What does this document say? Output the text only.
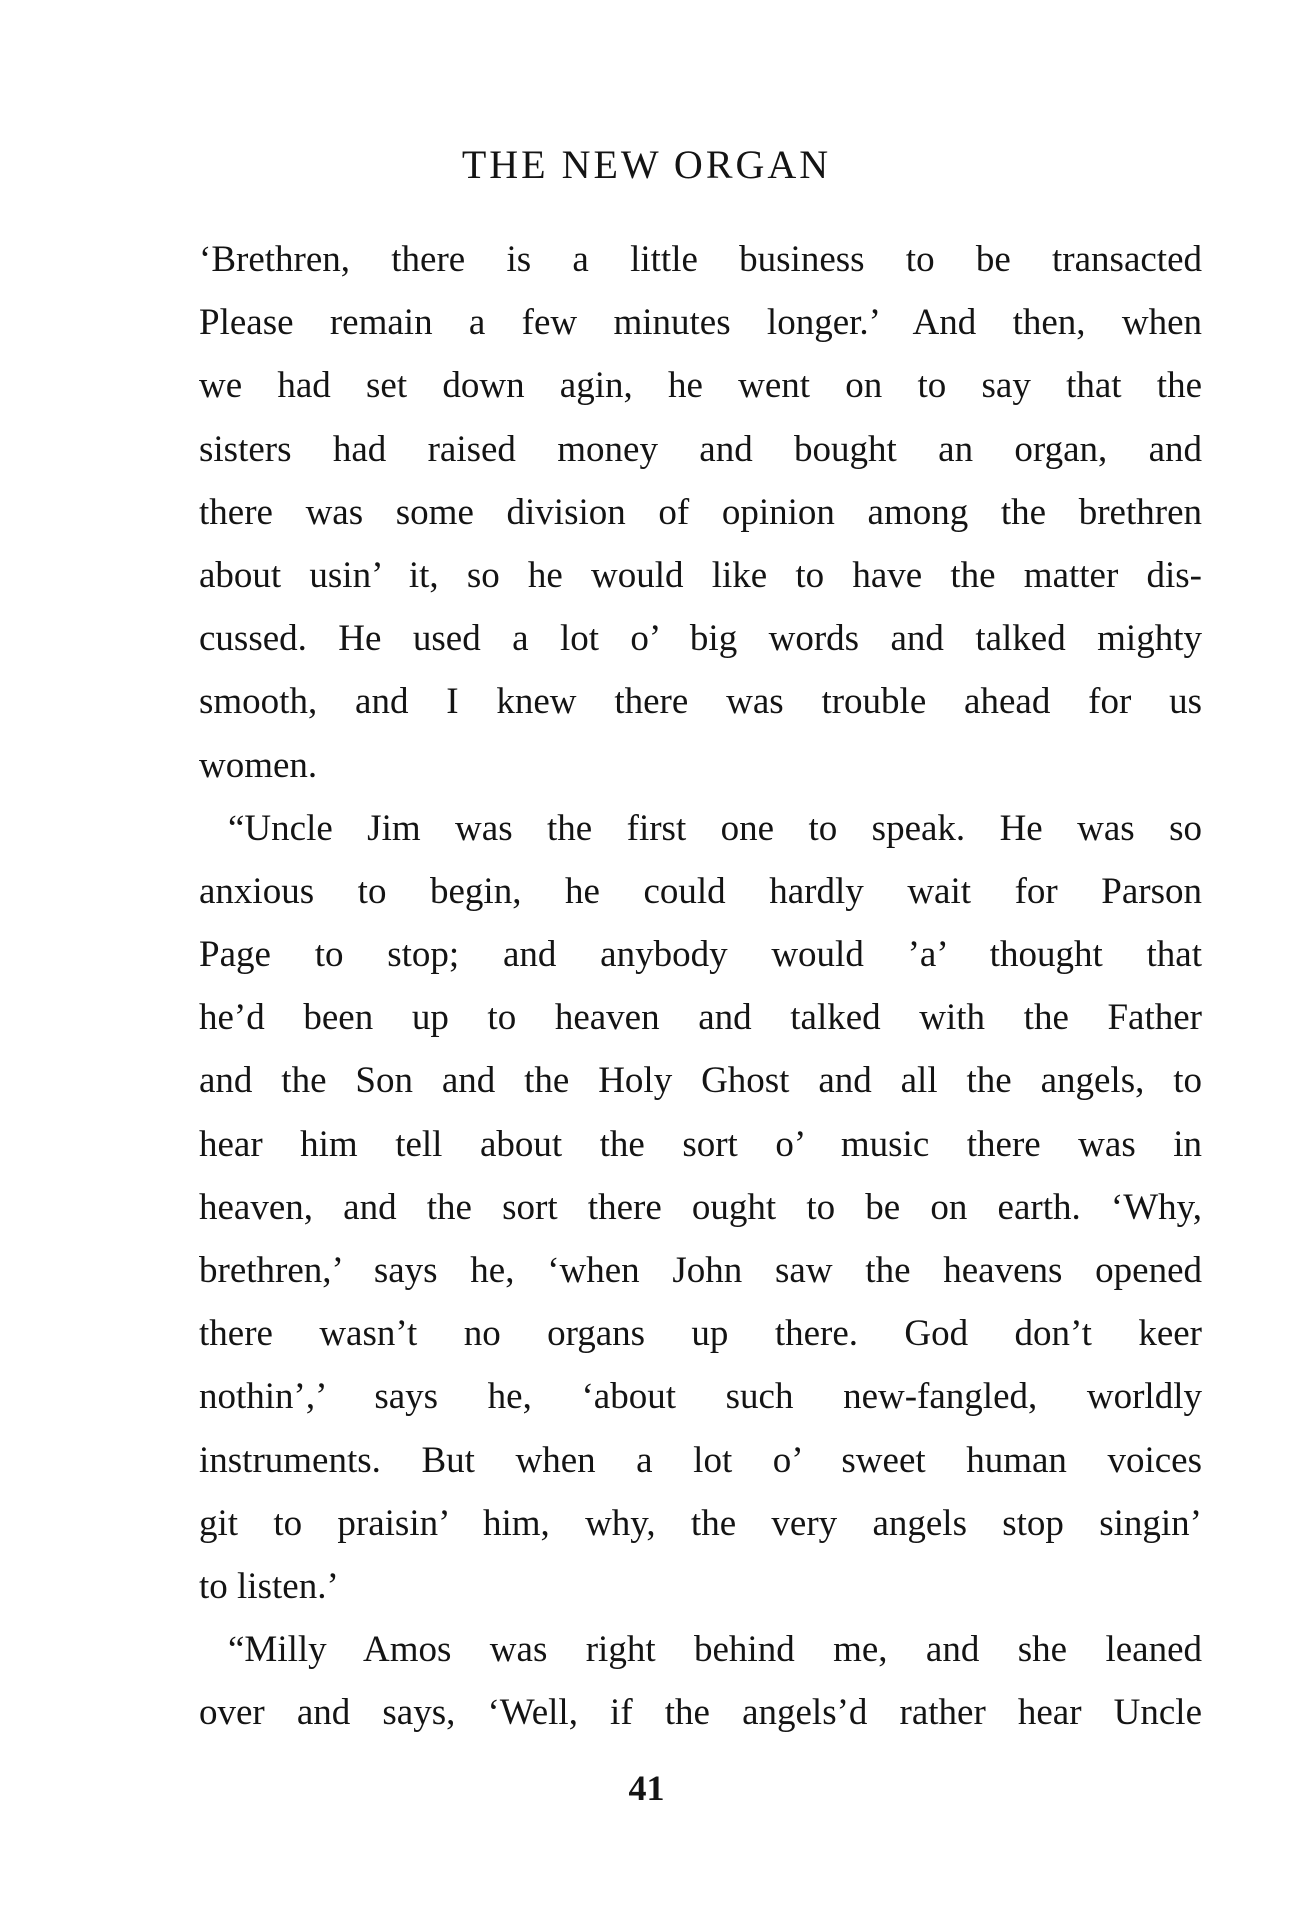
THE NEW ORGAN
‘Brethren, there is a little business to be transacted
Please remain a few minutes longer.’ And then, when
we had set down agin, he went on to say that the
sisters had raised money and bought an organ, and
there was some division of opinion among the brethren
about usin’ it, so he would like to have the matter dis-
cussed. He used a lot o’ big words and talked mighty
smooth, and I knew there was trouble ahead for us
women.
“Uncle Jim was the first one to speak. He was so
anxious to begin, he could hardly wait for Parson
Page to stop; and anybody would ’a’ thought that
he’d been up to heaven and talked with the Father
and the Son and the Holy Ghost and all the angels, to
hear him tell about the sort o’ music there was in
heaven, and the sort there ought to be on earth. ‘Why,
brethren,’ says he, ‘when John saw the heavens opened
there wasn’t no organs up there. God don’t keer
nothin’,’ says he, ‘about such new-fangled, worldly
instruments. But when a lot o’ sweet human voices
git to praisin’ him, why, the very angels stop singin’
to listen.’
“Milly Amos was right behind me, and she leaned
over and says, ‘Well, if the angels’d rather hear Uncle
41
